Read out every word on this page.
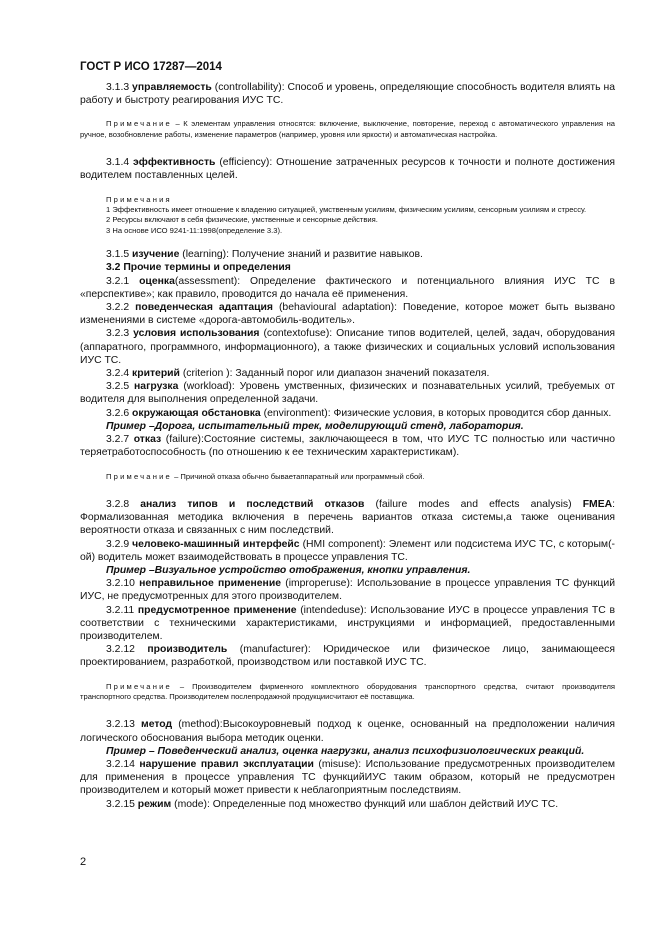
ГОСТ Р ИСО 17287—2014

3.1.3 управляемость (controllability): Способ и уровень, определяющие способность водителя влиять на работу и быстроту реагирования ИУС ТС.

Примечание – К элементам управления относятся: включение, выключение, повторение, переход с автоматического управления на ручное, возобновление работы, изменение параметров (например, уровня или яркости) и автоматическая настройка.

3.1.4 эффективность (efficiency): Отношение затраченных ресурсов к точности и полноте достижения водителем поставленных целей.

Примечания

1 Эффективность имеет отношение к владению ситуацией, умственным усилиям, физическим усилиям, сенсорным усилиям и стрессу.

2 Ресурсы включают в себя физические, умственные и сенсорные действия.

3 На основе ИСО 9241-11:1998(определение 3.3).

3.1.5 изучение (learning): Получение знаний и развитие навыков.

3.2 Прочие термины и определения

3.2.1 оценка(assessment): Определение фактического и потенциального влияния ИУС ТС в «перспективе»; как правило, проводится до начала её применения.

3.2.2 поведенческая адаптация (behavioural adaptation): Поведение, которое может быть вызвано изменениями в системе «дорога-автомобиль-водитель».

3.2.3 условия использования (contextofuse): Описание типов водителей, целей, задач, оборудования (аппаратного, программного, информационного), а также физических и социальных условий использования ИУС ТС.

3.2.4 критерий (criterion ): Заданный порог или диапазон значений показателя.

3.2.5 нагрузка (workload): Уровень умственных, физических и познавательных усилий, требуемых от водителя для выполнения определенной задачи.

3.2.6 окружающая обстановка (environment): Физические условия, в которых проводится сбор данных.

Пример –Дорога, испытательный трек, моделирующий стенд, лаборатория.

3.2.7 отказ (failure):Состояние системы, заключающееся в том, что ИУС ТС полностью или частично теряетработоспособность (по отношению к ее техническим характеристикам).

Примечание – Причиной отказа обычно бываетаппаратный или программный сбой.

3.2.8 анализ типов и последствий отказов (failure modes and effects analysis) FMEA: Формализованная методика включения в перечень вариантов отказа системы,а также оценивания вероятности отказа и связанных с ним последствий.

3.2.9 человеко-машинный интерфейс (HMI component): Элемент или подсистема ИУС ТС, с которым(-ой) водитель может взаимодействовать в процессе управления ТС.

Пример –Визуальное устройство отображения, кнопки управления.

3.2.10 неправильное применение (improperuse): Использование в процессе управления ТС функций ИУС, не предусмотренных для этого производителем.

3.2.11 предусмотренное применение (intendeduse): Использование ИУС в процессе управления ТС в соответствии с техническими характеристиками, инструкциями и информацией, предоставленными производителем.

3.2.12 производитель (manufacturer): Юридическое или физическое лицо, занимающееся проектированием, разработкой, производством или поставкой ИУС ТС.

Примечание – Производителем фирменного комплектного оборудования транспортного средства, считают производителя транспортного средства. Производителем послепродажной продукциисчитают её поставщика.

3.2.13 метод (method):Высокоуровневый подход к оценке, основанный на предположении наличия логического обоснования выбора методик оценки.

Пример – Поведенческий анализ, оценка нагрузки, анализ психофизиологических реакций.

3.2.14 нарушение правил эксплуатации (misuse): Использование предусмотренных производителем для применения в процессе управления ТС функцийИУС таким образом, который не предусмотрен производителем и который может привести к неблагоприятным последствиям.

3.2.15 режим (mode): Определенные под множество функций или шаблон действий ИУС ТС.

2
